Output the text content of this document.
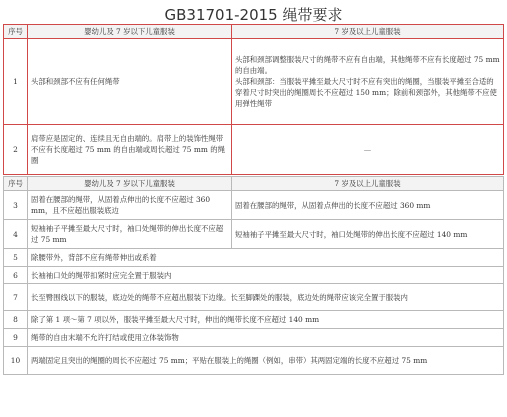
GB31701-2015 绳带要求
序号	婴幼儿及 7 岁以下儿童服装	7 岁及以上儿童服装
1	头部和颈部不应有任何绳带	头部和颈部调整服装尺寸的绳带不应有自由端，其他绳带不应有长度超过 75 mm 的自由端。
头部和颈部：当服装平摊至最大尺寸时不应有突出的绳圈，当服装平摊至合适的穿着尺寸时突出的绳圈周长不应超过 150 mm；除前和颈部外，其他绳带不应使用弹性绳带
2	肩带应是固定的、连续且无自由端的。肩带上的装饰性绳带不应有长度超过 75 mm 的自由端或周长超过 75 mm 的绳圈	—
序号	婴幼儿及 7 岁以下儿童服装	7 岁及以上儿童服装
3	固着在腰部的绳带，从固着点伸出的长度不应超过 360 mm，且不应超出服装底边	固着在腰部的绳带，从固着点伸出的长度不应超过 360 mm
4	短袖袖子平摊至最大尺寸时，袖口处绳带的伸出长度不应超过 75 mm	短袖袖子平摊至最大尺寸时，袖口处绳带的伸出长度不应超过 140 mm
5	除腰带外，背部不应有绳带伸出或系着	
6	长袖袖口处的绳带扣紧时应完全置于服装内	
7	长至臀围线以下的服装，底边处的绳带不应超出服装下边缘。长至脚踝处的服装，底边处的绳带应该完全置于服装内	
8	除了第 1 项～第 7 项以外，服装平摊至最大尺寸时，伸出的绳带长度不应超过 140 mm	
9	绳带的自由末端不允许打结或使用立体装饰物	
10	两端固定且突出的绳圈的周长不应超过 75 mm；平贴在服装上的绳圈（例如，串带）其两固定端的长度不应超过 75 mm	
